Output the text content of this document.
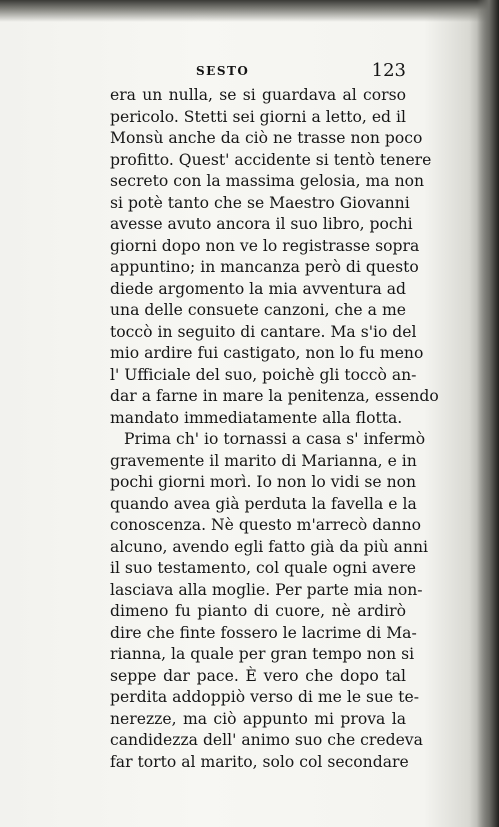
SESTO	123
era un nulla, se si guardava al corso
pericolo. Stetti sei giorni a letto, ed il
Monsù anche da ciò ne trasse non poco
profitto. Quest' accidente si tentò tenere
secreto con la massima gelosia, ma non
si potè tanto che se Maestro Giovanni
avesse avuto ancora il suo libro, pochi
giorni dopo non ve lo registrasse sopra
appuntino; in mancanza però di questo
diede argomento la mia avventura ad
una delle consuete canzoni, che a me
toccò in seguito di cantare. Ma s'io del
mio ardire fui castigato, non lo fu meno
l' Ufficiale del suo, poichè gli toccò an-
dar a farne in mare la penitenza, essendo
mandato immediatamente alla flotta.
Prima ch' io tornassi a casa s' infermò
gravemente il marito di Marianna, e in
pochi giorni morì. Io non lo vidi se non
quando avea già perduta la favella e la
conoscenza. Nè questo m'arrecò danno
alcuno, avendo egli fatto già da più anni
il suo testamento, col quale ogni avere
lasciava alla moglie. Per parte mia non-
dimeno fu pianto di cuore, nè ardirò
dire che finte fossero le lacrime di Ma-
rianna, la quale per gran tempo non si
seppe dar pace. È vero che dopo tal
perdita addoppiò verso di me le sue te-
nerezze, ma ciò appunto mi prova la
candidezza dell' animo suo che credeva
far torto al marito, solo col secondare
